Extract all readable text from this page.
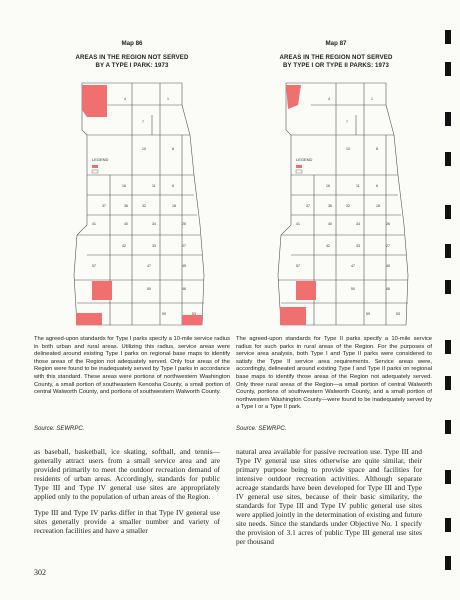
Map 86
AREAS IN THE REGION NOT SERVED
BY A TYPE I PARK: 1973
LEGEND
4	1
7
10	8
16	11	6
37	36	32	18
41	40	34	26
42	33	27
57	47	45
50	46
59	53
Map 87
AREAS IN THE REGION NOT SERVED
BY TYPE I OR TYPE II PARKS: 1973
LEGEND
4	1
7
10	8
16	11	6
37	36	32	18
41	40	34	26
42	33	27
57	47	45
50	46
59	53
The agreed-upon standards for Type I parks specify a 10-mile service radius in both urban and rural areas. Utilizing this radius, service areas were delineated around existing Type I parks on regional base maps to identify those areas of the Region not adequately served. Only four areas of the Region were found to be inadequately served by Type I parks in accordance with this standard. These areas were portions of northwestern Washington County, a small portion of southeastern Kenosha County, a small portion of central Walworth County, and portions of southwestern Walworth County.
The agreed-upon standards for Type II parks specify a 10-mile service radius for such parks in rural areas of the Region. For the purposes of service area analysis, both Type I and Type II parks were considered to satisfy the Type II service area requirements. Service areas were, accordingly, delineated around existing Type I and Type II parks on regional base maps to identify those areas of the Region not adequately served. Only three rural areas of the Region—a small portion of central Walworth County, portions of southwestern Walworth County, and a small portion of northwestern Washington County—were found to be inadequately served by a Type I or a Type II park.
Source: SEWRPC.	Source: SEWRPC.

as baseball, basketball, ice skating, softball, and tennis—generally attract users from a small service area and are provided primarily to meet the outdoor recreation demand of residents of urban areas. Accordingly, standards for public Type III and Type IV general use sites are appropriately applied only to the population of urban areas of the Region.

Type III and Type IV parks differ in that Type IV general use sites generally provide a smaller number and variety of recreation facilities and have a smaller

natural area available for passive recreation use. Type III and Type IV general use sites otherwise are quite similar, their primary purpose being to provide space and facilities for intensive outdoor recreation activities. Although separate acreage standards have been developed for Type III and Type IV general use sites, because of their basic similarity, the standards for Type III and Type IV public general use sites were applied jointly in the determination of existing and future site needs. Since the standards under Objective No. 1 specify the provision of 3.1 acres of public Type III general use sites per thousand

302
